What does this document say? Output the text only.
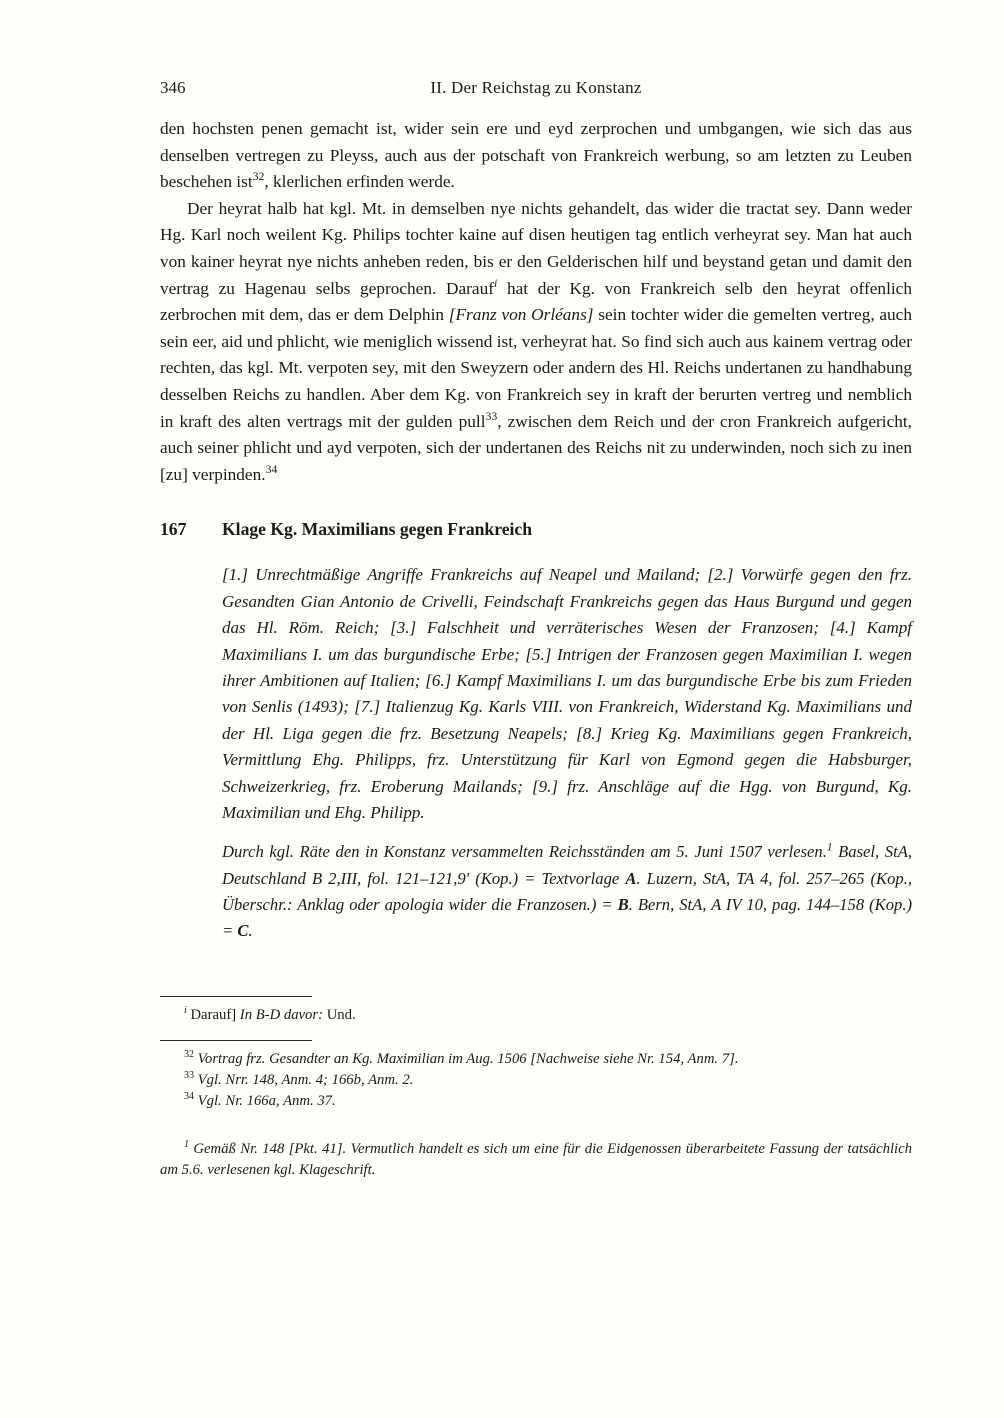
346	II. Der Reichstag zu Konstanz

den hochsten penen gemacht ist, wider sein ere und eyd zerprochen und umbgangen, wie sich das aus denselben vertregen zu Pleyss, auch aus der potschaft von Frankreich werbung, so am letzten zu Leuben beschehen ist$^{32}$, klerlichen erfinden werde.

Der heyrat halb hat kgl. Mt. in demselben nye nichts gehandelt, das wider die tractat sey. Dann weder Hg. Karl noch weilent Kg. Philips tochter kaine auf disen heutigen tag entlich verheyrat sey. Man hat auch von kainer heyrat nye nichts anheben reden, bis er den Gelderischen hilf und beystand getan und damit den vertrag zu Hagenau selbs geprochen. Darauf$^i$ hat der Kg. von Frankreich selb den heyrat offenlich zerbrochen mit dem, das er dem Delphin [Franz von Orléans] sein tochter wider die gemelten vertreg, auch sein eer, aid und phlicht, wie meniglich wissend ist, verheyrat hat. So find sich auch aus kainem vertrag oder rechten, das kgl. Mt. verpoten sey, mit den Sweyzern oder andern des Hl. Reichs undertanen zu handhabung desselben Reichs zu handlen. Aber dem Kg. von Frankreich sey in kraft der berurten vertreg und nemblich in kraft des alten vertrags mit der gulden pull$^{33}$, zwischen dem Reich und der cron Frankreich aufgericht, auch seiner phlicht und ayd verpoten, sich der undertanen des Reichs nit zu underwinden, noch sich zu inen [zu] verpinden.$^{34}$

167 Klage Kg. Maximilians gegen Frankreich

[1.] Unrechtmäßige Angriffe Frankreichs auf Neapel und Mailand; [2.] Vorwürfe gegen den frz. Gesandten Gian Antonio de Crivelli, Feindschaft Frankreichs gegen das Haus Burgund und gegen das Hl. Röm. Reich; [3.] Falschheit und verräterisches Wesen der Franzosen; [4.] Kampf Maximilians I. um das burgundische Erbe; [5.] Intrigen der Franzosen gegen Maximilian I. wegen ihrer Ambitionen auf Italien; [6.] Kampf Maximilians I. um das burgundische Erbe bis zum Frieden von Senlis (1493); [7.] Italienzug Kg. Karls VIII. von Frankreich, Widerstand Kg. Maximilians und der Hl. Liga gegen die frz. Besetzung Neapels; [8.] Krieg Kg. Maximilians gegen Frankreich, Vermittlung Ehg. Philipps, frz. Unterstützung für Karl von Egmond gegen die Habsburger, Schweizerkrieg, frz. Eroberung Mailands; [9.] frz. Anschläge auf die Hgg. von Burgund, Kg. Maximilian und Ehg. Philipp.

Durch kgl. Räte den in Konstanz versammelten Reichsständen am 5. Juni 1507 verlesen.$^1$ Basel, StA, Deutschland B 2,III, fol. 121–121,9' (Kop.) = Textvorlage A. Luzern, StA, TA 4, fol. 257–265 (Kop., Überschr.: Anklag oder apologia wider die Franzosen.) = B. Bern, StA, A IV 10, pag. 144–158 (Kop.) = C.

$^i$ Darauf] In B-D davor: Und.

$^{32}$ Vortrag frz. Gesandter an Kg. Maximilian im Aug. 1506 [Nachweise siehe Nr. 154, Anm. 7].

$^{33}$ Vgl. Nrr. 148, Anm. 4; 166b, Anm. 2.

$^{34}$ Vgl. Nr. 166a, Anm. 37.

$^1$ Gemäß Nr. 148 [Pkt. 41]. Vermutlich handelt es sich um eine für die Eidgenossen überarbeitete Fassung der tatsächlich am 5.6. verlesenen kgl. Klageschrift.
